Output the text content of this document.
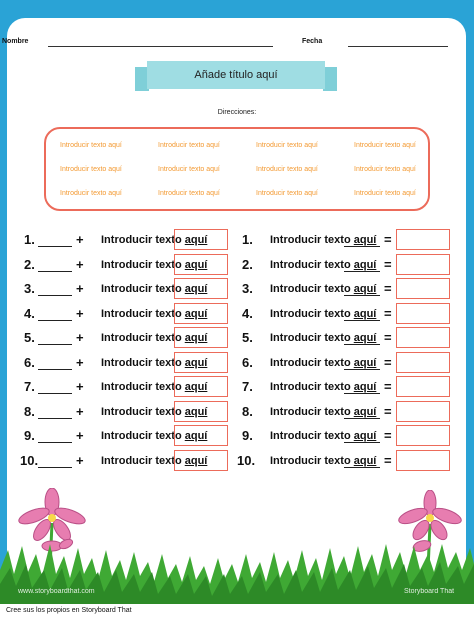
Nombre	Fecha
Añade título aquí
Direcciones:
Introducir texto aquí	Introducir texto aquí	Introducir texto aquí	Introducir texto aquí
Introducir texto aquí	Introducir texto aquí	Introducir texto aquí	Introducir texto aquí
Introducir texto aquí	Introducir texto aquí	Introducir texto aquí	Introducir texto aquí
1.	+ Introducir texto aquí
2.	+ Introducir texto aquí
3.	+ Introducir texto aquí
4.	+ Introducir texto aquí
5.	+ Introducir texto aquí
6.	+ Introducir texto aquí
7.	+ Introducir texto aquí
8.	+ Introducir texto aquí
9.	+ Introducir texto aquí
10.	+ Introducir texto aquí
1. Introducir texto aquí =
2. Introducir texto aquí =
3. Introducir texto aquí =
4. Introducir texto aquí =
5. Introducir texto aquí =
6. Introducir texto aquí =
7. Introducir texto aquí =
8. Introducir texto aquí =
9. Introducir texto aquí =
10. Introducir texto aquí =
www.storyboardthat.com	Storyboard That
Cree sus los propios en Storyboard That
